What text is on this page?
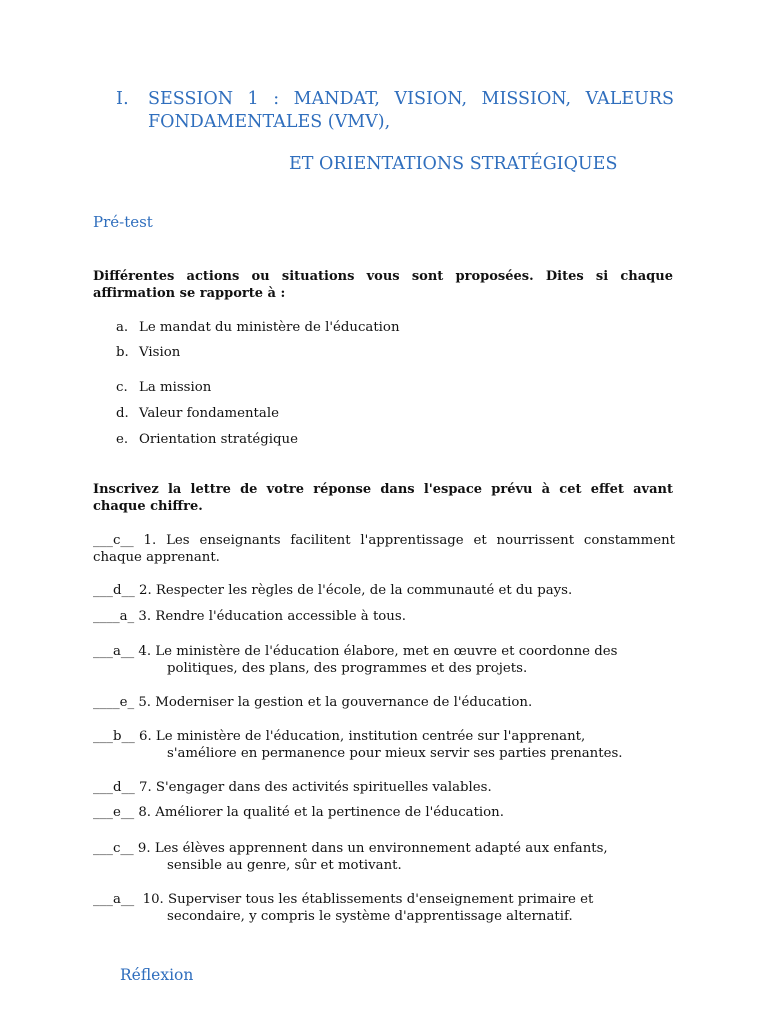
I. SESSION 1 : MANDAT, VISION, MISSION, VALEURS
FONDAMENTALES (VMV),
ET ORIENTATIONS STRATÉGIQUES
Pré-test
Différentes actions ou situations vous sont proposées. Dites si chaque affirmation se rapporte à :
a. Le mandat du ministère de l'éducation
b. Vision
c. La mission
d. Valeur fondamentale
e. Orientation stratégique
Inscrivez la lettre de votre réponse dans l'espace prévu à cet effet avant chaque chiffre.
___c__ 1. Les enseignants facilitent l'apprentissage et nourrissent constamment chaque apprenant.
___d__ 2. Respecter les règles de l'école, de la communauté et du pays.
____a_ 3. Rendre l'éducation accessible à tous.
___a__ 4. Le ministère de l'éducation élabore, met en œuvre et coordonne des
politiques, des plans, des programmes et des projets.
____e_ 5. Moderniser la gestion et la gouvernance de l'éducation.
___b__ 6. Le ministère de l'éducation, institution centrée sur l'apprenant,
s'améliore en permanence pour mieux servir ses parties prenantes.
___d__ 7. S'engager dans des activités spirituelles valables.
___e__ 8. Améliorer la qualité et la pertinence de l'éducation.
___c__ 9. Les élèves apprennent dans un environnement adapté aux enfants,
sensible au genre, sûr et motivant.
___a__  10. Superviser tous les établissements d'enseignement primaire et
secondaire, y compris le système d'apprentissage alternatif.
Réflexion
